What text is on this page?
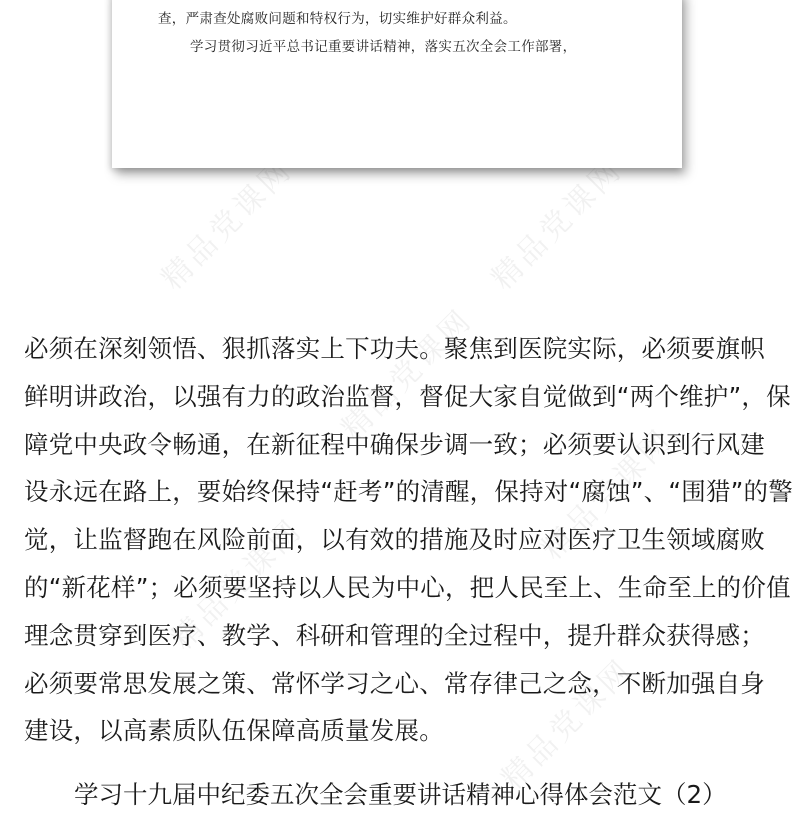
精品党课网	精品党课网
精品党课网
精品党课网
精品党课网
精品党课网
查，严肃查处腐败问题和特权行为，切实维护好群众利益。
学习贯彻习近平总书记重要讲话精神，落实五次全会工作部署，
必须在深刻领悟、狠抓落实上下功夫。聚焦到医院实际，必须要旗帜
鲜明讲政治，以强有力的政治监督，督促大家自觉做到“两个维护”，保
障党中央政令畅通，在新征程中确保步调一致；必须要认识到行风建
设永远在路上，要始终保持“赶考”的清醒，保持对“腐蚀”、“围猎”的警
觉，让监督跑在风险前面，以有效的措施及时应对医疗卫生领域腐败
的“新花样”；必须要坚持以人民为中心，把人民至上、生命至上的价值
理念贯穿到医疗、教学、科研和管理的全过程中，提升群众获得感；
必须要常思发展之策、常怀学习之心、常存律己之念，不断加强自身
建设，以高素质队伍保障高质量发展。
学习十九届中纪委五次全会重要讲话精神心得体会范文（2）
